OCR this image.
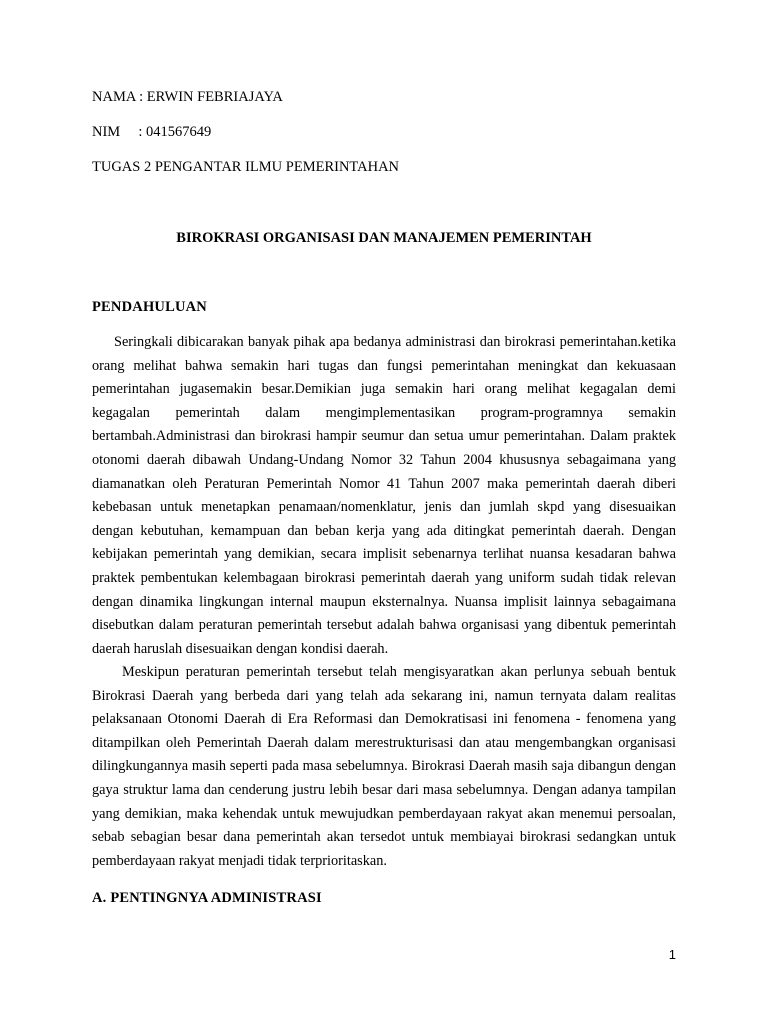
NAMA : ERWIN FEBRIAJAYA
NIM     : 041567649
TUGAS 2 PENGANTAR ILMU PEMERINTAHAN
BIROKRASI ORGANISASI DAN MANAJEMEN PEMERINTAH
PENDAHULUAN

Seringkali dibicarakan banyak pihak apa bedanya administrasi dan birokrasi pemerintahan.ketika orang melihat bahwa semakin hari tugas dan fungsi pemerintahan meningkat dan kekuasaan pemerintahan jugasemakin besar.Demikian juga semakin hari orang melihat kegagalan demi kegagalan pemerintah dalam mengimplementasikan program-programnya semakin bertambah.Administrasi dan birokrasi hampir seumur dan setua umur pemerintahan. Dalam praktek otonomi daerah dibawah Undang-Undang Nomor 32 Tahun 2004 khususnya sebagaimana yang diamanatkan oleh Peraturan Pemerintah Nomor 41 Tahun 2007 maka pemerintah daerah diberi kebebasan untuk menetapkan penamaan/nomenklatur, jenis dan jumlah skpd yang disesuaikan dengan kebutuhan, kemampuan dan beban kerja yang ada ditingkat pemerintah daerah. Dengan kebijakan pemerintah yang demikian, secara implisit sebenarnya terlihat nuansa kesadaran bahwa praktek pembentukan kelembagaan birokrasi pemerintah daerah yang uniform sudah tidak relevan dengan dinamika lingkungan internal maupun eksternalnya. Nuansa implisit lainnya sebagaimana disebutkan dalam peraturan pemerintah tersebut adalah bahwa organisasi yang dibentuk pemerintah daerah haruslah disesuaikan dengan kondisi daerah.

Meskipun peraturan pemerintah tersebut telah mengisyaratkan akan perlunya sebuah bentuk Birokrasi Daerah yang berbeda dari yang telah ada sekarang ini, namun ternyata dalam realitas pelaksanaan Otonomi Daerah di Era Reformasi dan Demokratisasi ini fenomena - fenomena yang ditampilkan oleh Pemerintah Daerah dalam merestrukturisasi dan atau mengembangkan organisasi dilingkungannya masih seperti pada masa sebelumnya. Birokrasi Daerah masih saja dibangun dengan gaya struktur lama dan cenderung justru lebih besar dari masa sebelumnya. Dengan adanya tampilan yang demikian, maka kehendak untuk mewujudkan pemberdayaan rakyat akan menemui persoalan, sebab sebagian besar dana pemerintah akan tersedot untuk membiayai birokrasi sedangkan untuk pemberdayaan rakyat menjadi tidak terprioritaskan.

A. PENTINGNYA ADMINISTRASI
1
